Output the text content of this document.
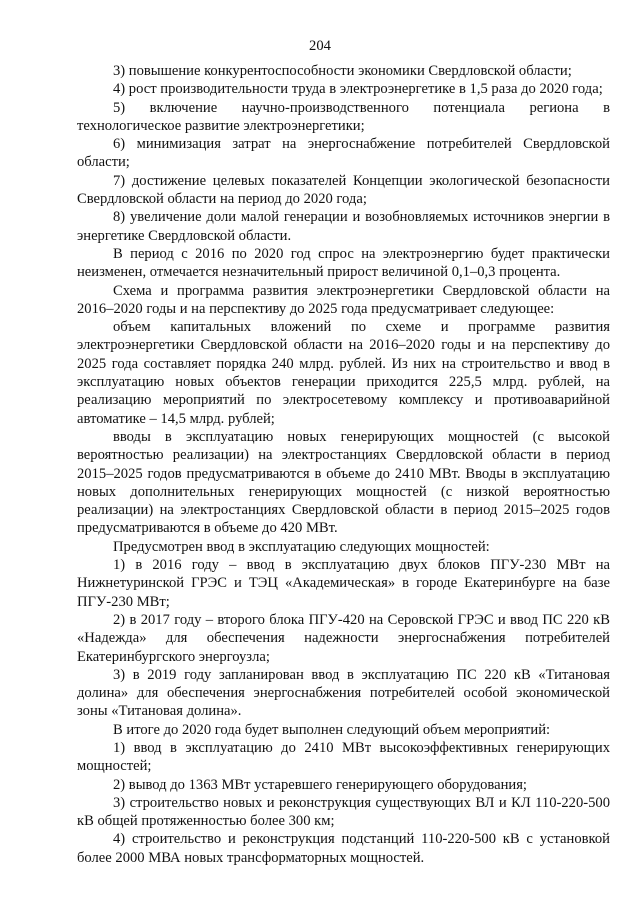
204

3) повышение конкурентоспособности экономики Свердловской области;

4) рост производительности труда в электроэнергетике в 1,5 раза до 2020 года;

5) включение научно-производственного потенциала региона в технологическое развитие электроэнергетики;

6) минимизация затрат на энергоснабжение потребителей Свердловской области;

7) достижение целевых показателей Концепции экологической безопасности Свердловской области на период до 2020 года;

8) увеличение доли малой генерации и возобновляемых источников энергии в энергетике Свердловской области.

В период с 2016 по 2020 год спрос на электроэнергию будет практически неизменен, отмечается незначительный прирост величиной 0,1–0,3 процента.

Схема и программа развития электроэнергетики Свердловской области на 2016–2020 годы и на перспективу до 2025 года предусматривает следующее:

объем капитальных вложений по схеме и программе развития электроэнергетики Свердловской области на 2016–2020 годы и на перспективу до 2025 года составляет порядка 240 млрд. рублей. Из них на строительство и ввод в эксплуатацию новых объектов генерации приходится 225,5 млрд. рублей, на реализацию мероприятий по электросетевому комплексу и противоаварийной автоматике – 14,5 млрд. рублей;

вводы в эксплуатацию новых генерирующих мощностей (с высокой вероятностью реализации) на электростанциях Свердловской области в период 2015–2025 годов предусматриваются в объеме до 2410 МВт. Вводы в эксплуатацию новых дополнительных генерирующих мощностей (с низкой вероятностью реализации) на электростанциях Свердловской области в период 2015–2025 годов предусматриваются в объеме до 420 МВт.

Предусмотрен ввод в эксплуатацию следующих мощностей:

1) в 2016 году – ввод в эксплуатацию двух блоков ПГУ-230 МВт на Нижнетуринской ГРЭС и ТЭЦ «Академическая» в городе Екатеринбурге на базе ПГУ-230 МВт;

2) в 2017 году – второго блока ПГУ-420 на Серовской ГРЭС и ввод ПС 220 кВ «Надежда» для обеспечения надежности энергоснабжения потребителей Екатеринбургского энергоузла;

3) в 2019 году запланирован ввод в эксплуатацию ПС 220 кВ «Титановая долина» для обеспечения энергоснабжения потребителей особой экономической зоны «Титановая долина».

В итоге до 2020 года будет выполнен следующий объем мероприятий:

1) ввод в эксплуатацию до 2410 МВт высокоэффективных генерирующих мощностей;

2) вывод до 1363 МВт устаревшего генерирующего оборудования;

3) строительство новых и реконструкция существующих ВЛ и КЛ 110-220-500 кВ общей протяженностью более 300 км;

4) строительство и реконструкция подстанций 110-220-500 кВ с установкой более 2000 МВА новых трансформаторных мощностей.
